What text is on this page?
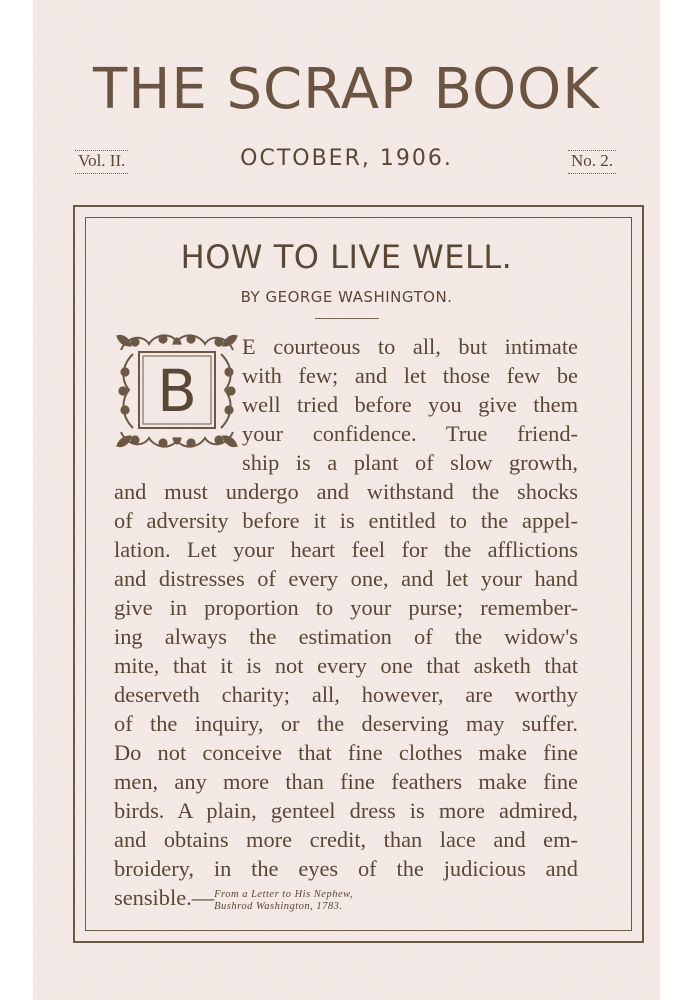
THE SCRAP BOOK
Vol. II.	OCTOBER, 1906.	No. 2.
HOW TO LIVE WELL.
BY GEORGE WASHINGTON.
B
E courteous to all, but intimate
with few; and let those few be
well tried before you give them
your confidence. True friend-
ship is a plant of slow growth,
and must undergo and withstand the shocks
of adversity before it is entitled to the appel-
lation. Let your heart feel for the afflictions
and distresses of every one, and let your hand
give in proportion to your purse; remember-
ing always the estimation of the widow's
mite, that it is not every one that asketh that
deserveth charity; all, however, are worthy
of the inquiry, or the deserving may suffer.
Do not conceive that fine clothes make fine
men, any more than fine feathers make fine
birds. A plain, genteel dress is more admired,
and obtains more credit, than lace and em-
broidery, in the eyes of the judicious and
sensible.— From a Letter to His Nephew,
Bushrod Washington, 1783.
